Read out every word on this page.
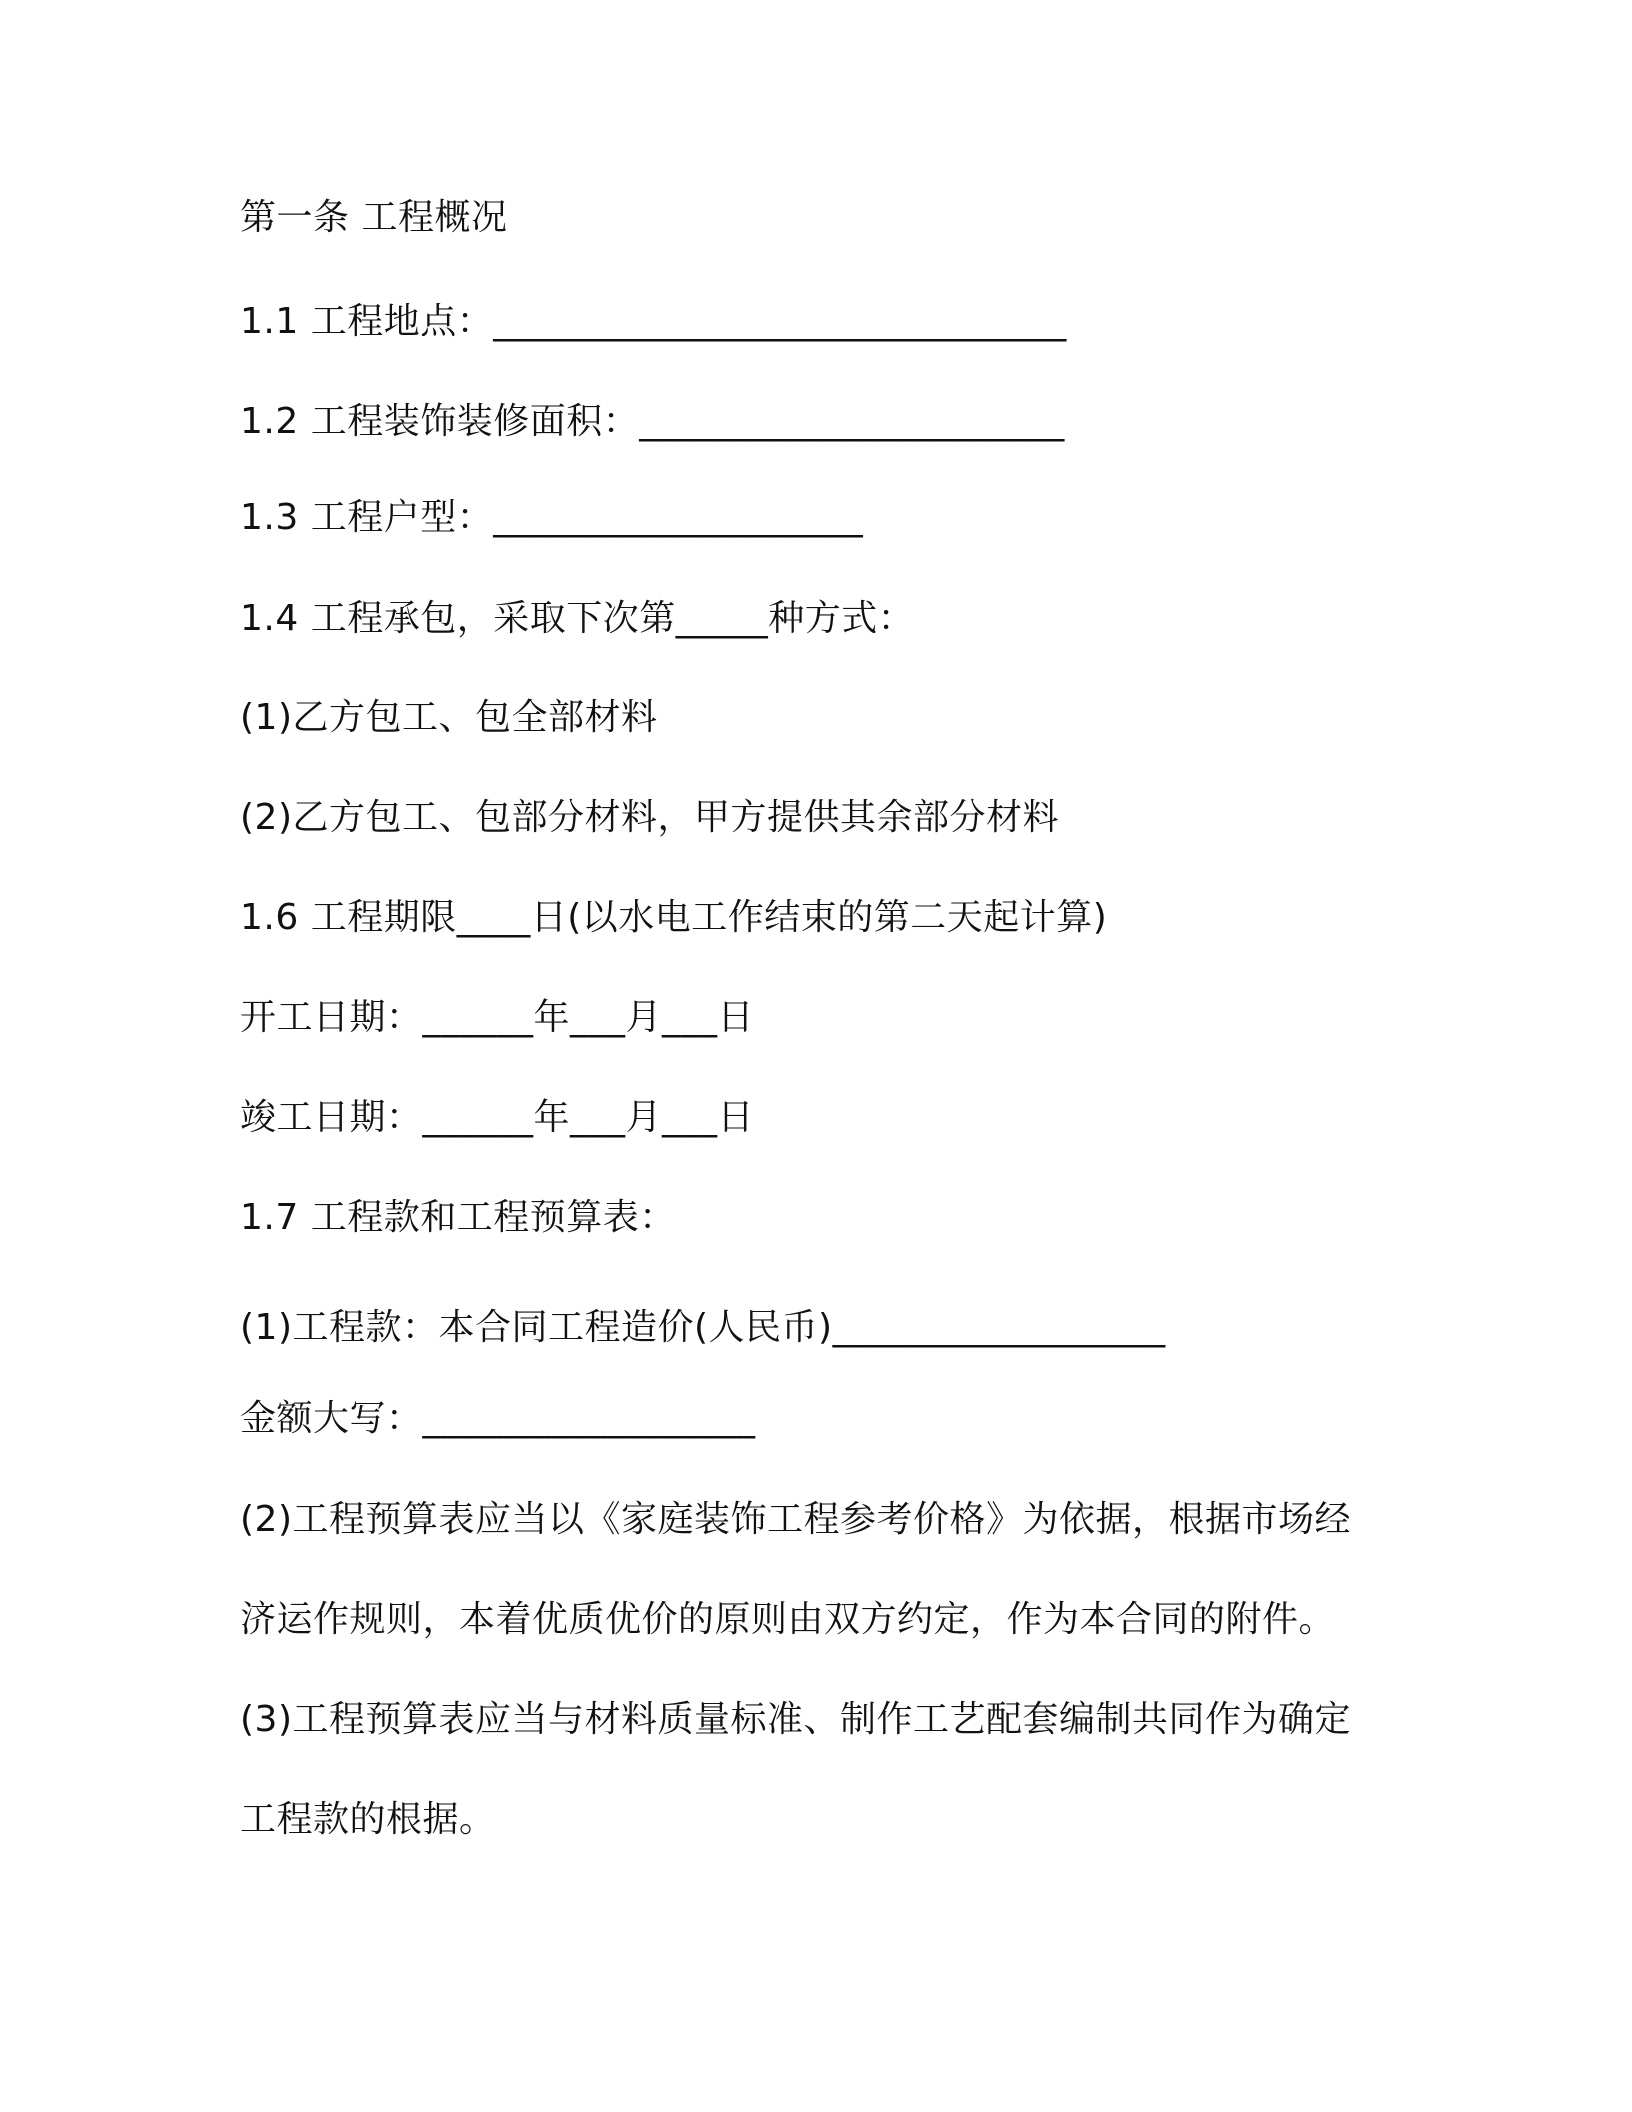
第一条 工程概况
1.1 工程地点：_______________________________
1.2 工程装饰装修面积：_______________________
1.3 工程户型：____________________
1.4 工程承包，采取下次第_____种方式：
(1)乙方包工、包全部材料
(2)乙方包工、包部分材料，甲方提供其余部分材料
1.6 工程期限____日(以水电工作结束的第二天起计算)
开工日期：______年___月___日
竣工日期：______年___月___日
1.7 工程款和工程预算表：
(1)工程款：本合同工程造价(人民币)__________________
金额大写：__________________
(2)工程预算表应当以《家庭装饰工程参考价格》为依据，根据市场经
济运作规则，本着优质优价的原则由双方约定，作为本合同的附件。
(3)工程预算表应当与材料质量标准、制作工艺配套编制共同作为确定
工程款的根据。
